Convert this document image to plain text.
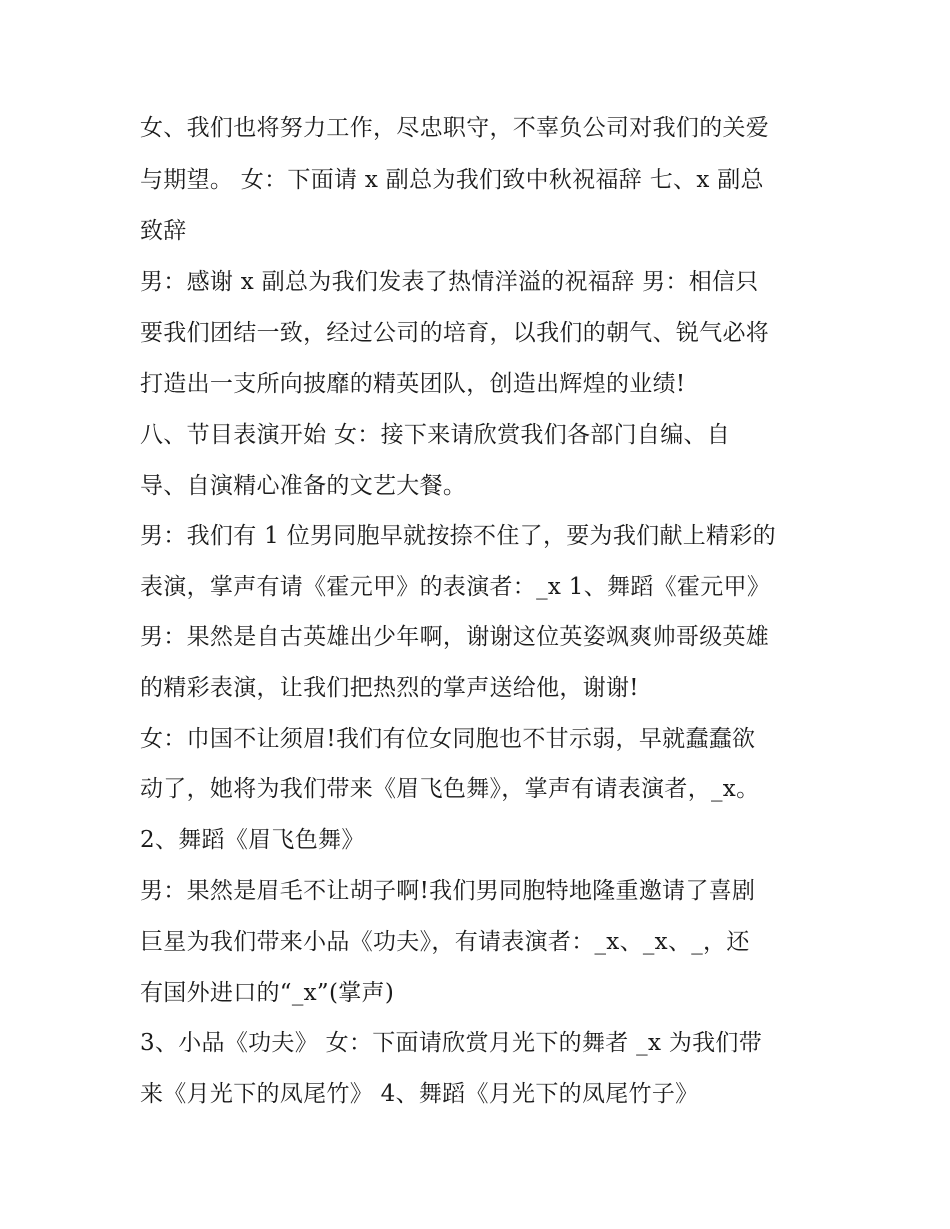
女、我们也将努力工作，尽忠职守，不辜负公司对我们的关爱
与期望。 女：下面请 x 副总为我们致中秋祝福辞 七、x 副总
致辞
男：感谢 x 副总为我们发表了热情洋溢的祝福辞 男：相信只
要我们团结一致，经过公司的培育，以我们的朝气、锐气必将
打造出一支所向披靡的精英团队，创造出辉煌的业绩!
八、节目表演开始 女：接下来请欣赏我们各部门自编、自
导、自演精心准备的文艺大餐。
男：我们有 1 位男同胞早就按捺不住了，要为我们献上精彩的
表演，掌声有请《霍元甲》的表演者：_x 1、舞蹈《霍元甲》
男：果然是自古英雄出少年啊，谢谢这位英姿飒爽帅哥级英雄
的精彩表演，让我们把热烈的掌声送给他，谢谢!
女：巾国不让须眉!我们有位女同胞也不甘示弱，早就蠢蠢欲
动了，她将为我们带来《眉飞色舞》，掌声有请表演者，_x。
2、舞蹈《眉飞色舞》
男：果然是眉毛不让胡子啊!我们男同胞特地隆重邀请了喜剧
巨星为我们带来小品《功夫》，有请表演者：_x、_x、_，还
有国外进口的“_x”(掌声)
3、小品《功夫》 女：下面请欣赏月光下的舞者 _x 为我们带
来《月光下的凤尾竹》 4、舞蹈《月光下的凤尾竹子》
